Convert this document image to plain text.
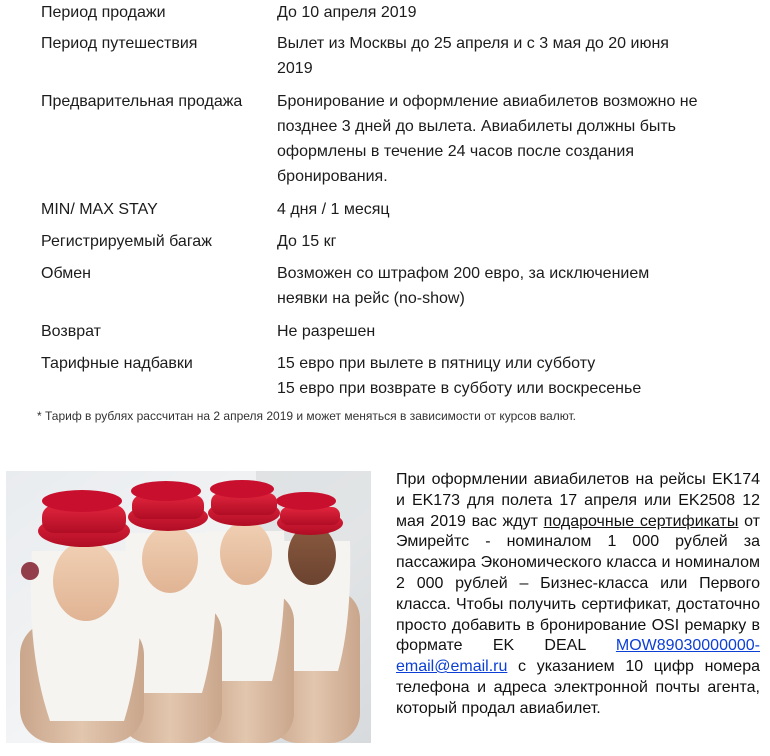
Период продажи	До 10 апреля 2019
Период путешествия	Вылет из Москвы до 25 апреля и с 3 мая до 20 июня
2019
Предварительная продажа	Бронирование и оформление авиабилетов возможно не
позднее 3 дней до вылета. Авиабилеты должны быть
оформлены в течение 24 часов после создания
бронирования.
MIN/ MAX STAY	4 дня / 1 месяц
Регистрируемый багаж	До 15 кг
Обмен	Возможен со штрафом 200 евро, за исключением
неявки на рейс (no-show)
Возврат	Не разрешен
Тарифные надбавки	15 евро при вылете в пятницу или субботу
15 евро при возврате в субботу или воскресенье
* Тариф в рублях рассчитан на 2 апреля 2019 и может меняться в зависимости от курсов валют.
При оформлении авиабилетов на рейсы EK174 и EK173 для полета 17 апреля или EK2508 12 мая 2019 вас ждут подарочные сертификаты от Эмирейтс - номиналом 1 000 рублей за пассажира Экономического класса и номиналом 2 000 рублей – Бизнес-класса или Первого класса. Чтобы получить сертификат, достаточно просто добавить в бронирование OSI ремарку в формате EK DEAL MOW89030000000-email@email.ru с указанием 10 цифр номера телефона и адреса электронной почты агента, который продал авиабилет.
